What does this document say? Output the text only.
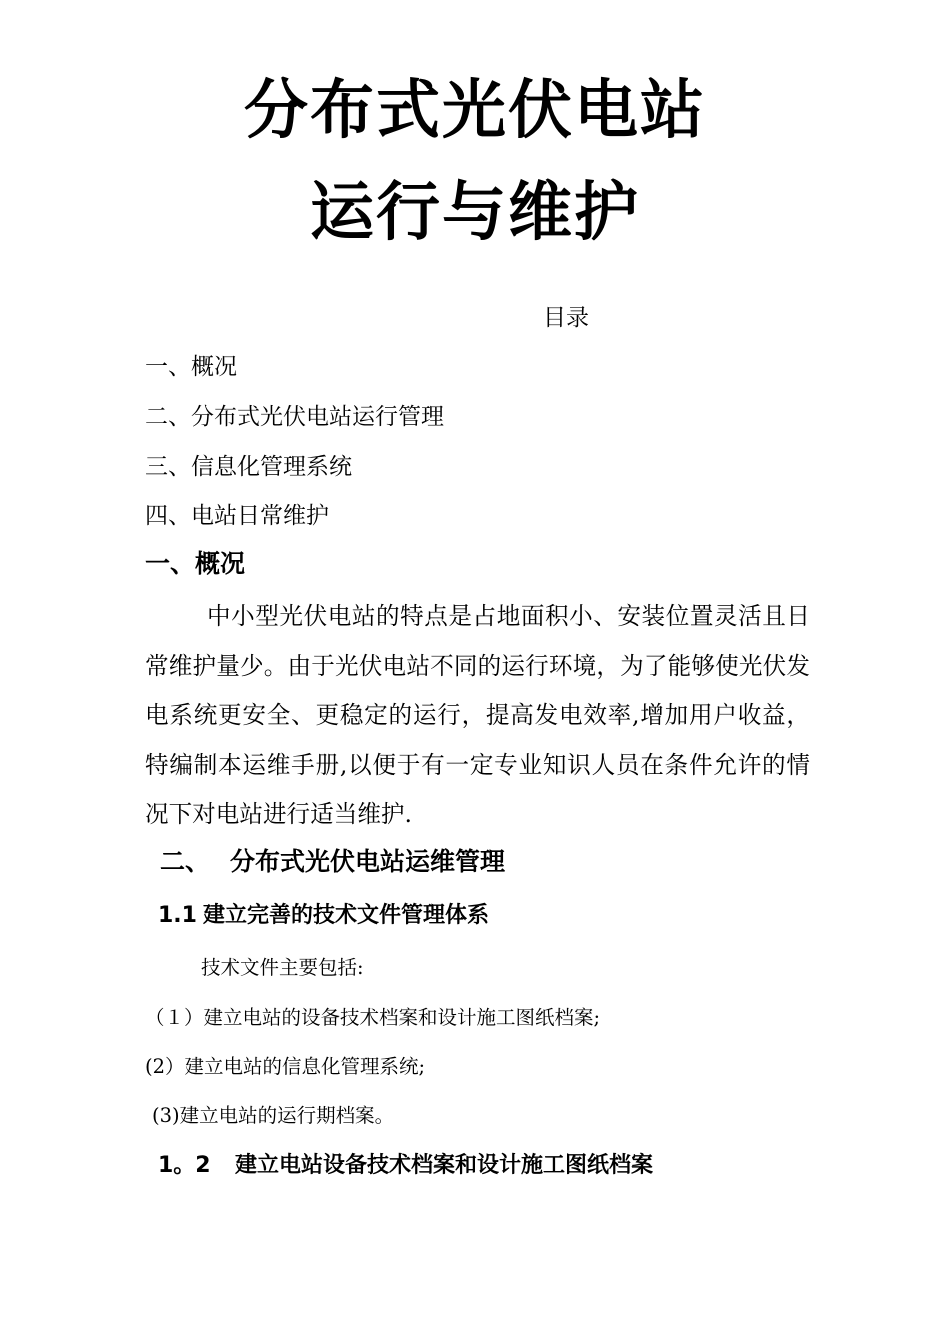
分布式光伏电站
运行与维护
目录
一、概况
二、分布式光伏电站运行管理
三、信息化管理系统
四、电站日常维护
一、概况
中小型光伏电站的特点是占地面积小、安装位置灵活且日常维护量少。由于光伏电站不同的运行环境，为了能够使光伏发电系统更安全、更稳定的运行，提高发电效率,增加用户收益，特编制本运维手册,以便于有一定专业知识人员在条件允许的情况下对电站进行适当维护.
二、 分布式光伏电站运维管理
1.1 建立完善的技术文件管理体系
技术文件主要包括:
（１）建立电站的设备技术档案和设计施工图纸档案;
(2）建立电站的信息化管理系统;
(3)建立电站的运行期档案。
1。2 建立电站设备技术档案和设计施工图纸档案
